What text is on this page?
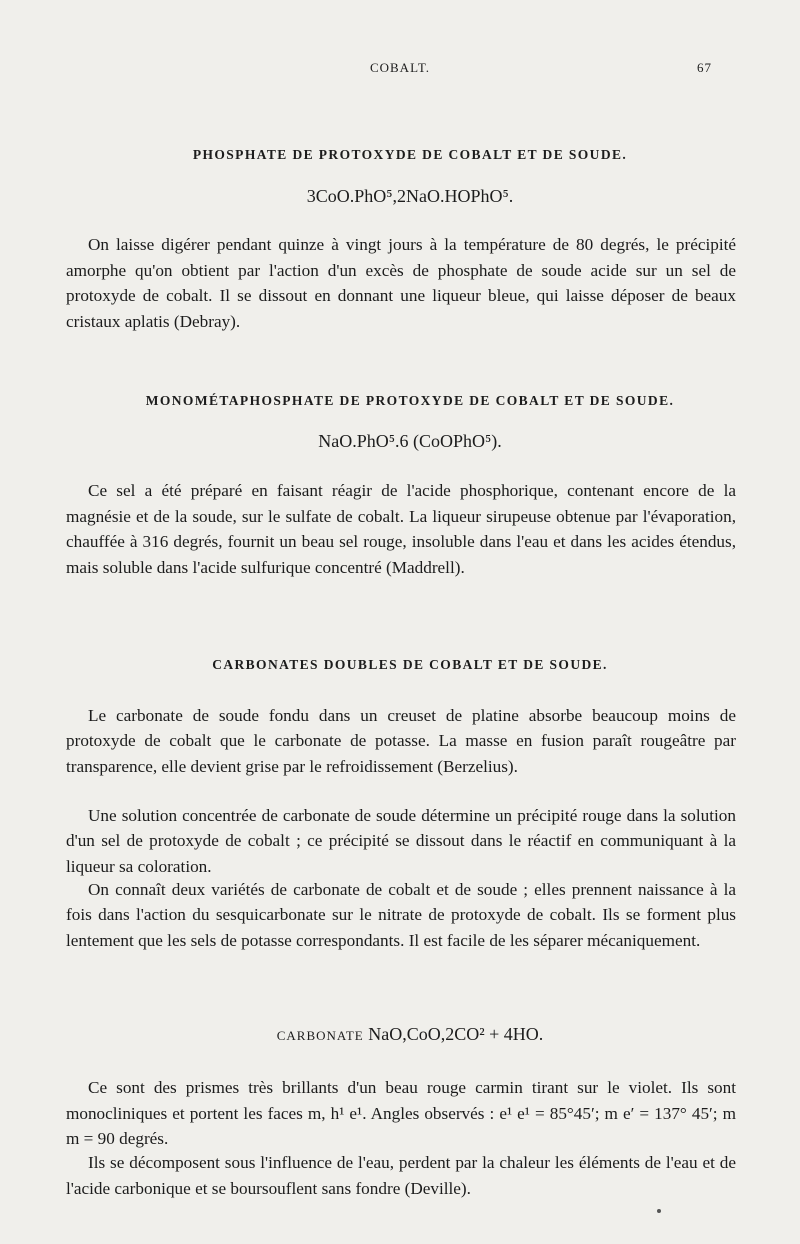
COBALT.	67
PHOSPHATE DE PROTOXYDE DE COBALT ET DE SOUDE.
3CoO.PhO⁵,2NaO.HOPhO⁵.

On laisse digérer pendant quinze à vingt jours à la température de 80 degrés, le précipité amorphe qu'on obtient par l'action d'un excès de phosphate de soude acide sur un sel de protoxyde de cobalt. Il se dissout en donnant une liqueur bleue, qui laisse déposer de beaux cristaux aplatis (Debray).

MONOMÉTAPHOSPHATE DE PROTOXYDE DE COBALT ET DE SOUDE.
NaO.PhO⁵.6 (CoOPhO⁵).

Ce sel a été préparé en faisant réagir de l'acide phosphorique, contenant encore de la magnésie et de la soude, sur le sulfate de cobalt. La liqueur sirupeuse obtenue par l'évaporation, chauffée à 316 degrés, fournit un beau sel rouge, insoluble dans l'eau et dans les acides étendus, mais soluble dans l'acide sulfurique concentré (Maddrell).

CARBONATES DOUBLES DE COBALT ET DE SOUDE.

Le carbonate de soude fondu dans un creuset de platine absorbe beaucoup moins de protoxyde de cobalt que le carbonate de potasse. La masse en fusion paraît rougeâtre par transparence, elle devient grise par le refroidissement (Berzelius).

Une solution concentrée de carbonate de soude détermine un précipité rouge dans la solution d'un sel de protoxyde de cobalt ; ce précipité se dissout dans le réactif en communiquant à la liqueur sa coloration.

On connaît deux variétés de carbonate de cobalt et de soude ; elles prennent naissance à la fois dans l'action du sesquicarbonate sur le nitrate de protoxyde de cobalt. Ils se forment plus lentement que les sels de potasse correspondants. Il est facile de les séparer mécaniquement.

CARBONATE NaO,CoO,2CO² + 4HO.

Ce sont des prismes très brillants d'un beau rouge carmin tirant sur le violet. Ils sont monocliniques et portent les faces m, h¹ e¹. Angles observés : e¹ e¹ = 85°45′; m e′ = 137° 45′; m m = 90 degrés.

Ils se décomposent sous l'influence de l'eau, perdent par la chaleur les éléments de l'eau et de l'acide carbonique et se boursouflent sans fondre (Deville).
